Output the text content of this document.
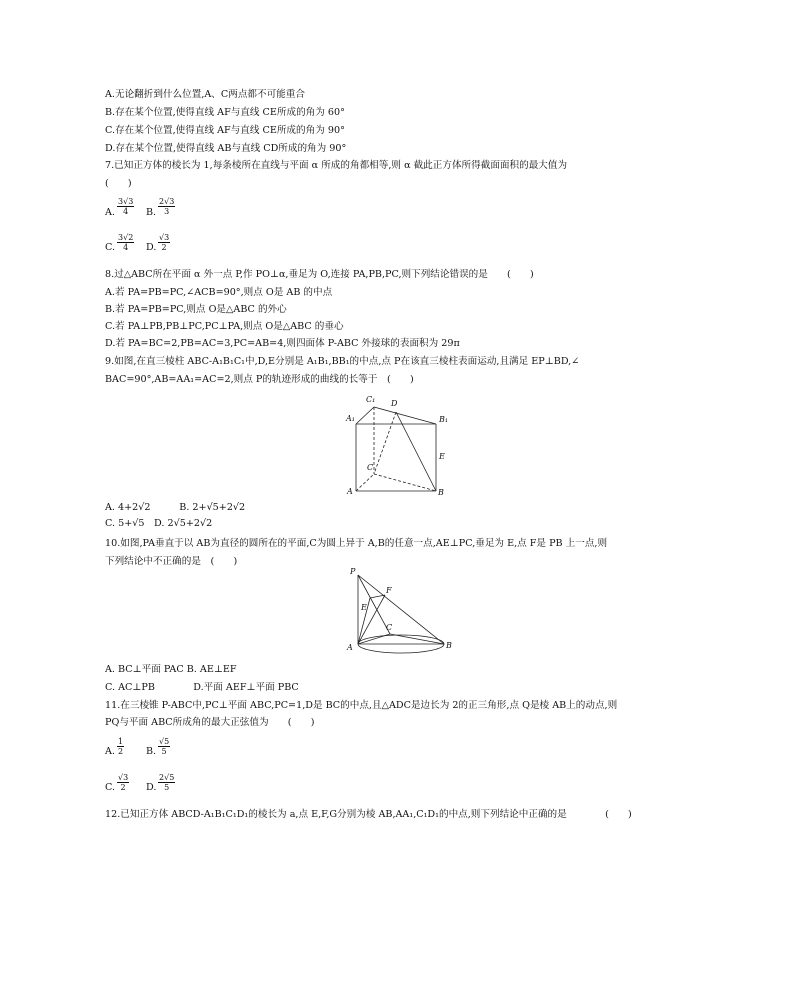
A.无论翻折到什么位置,A、C两点都不可能重合
B.存在某个位置,使得直线 AF与直线 CE所成的角为 60°
C.存在某个位置,使得直线 AF与直线 CE所成的角为 90°
D.存在某个位置,使得直线 AB与直线 CD所成的角为 90°
7.已知正方体的棱长为 1,每条棱所在直线与平面 α 所成的角都相等,则 α 截此正方体所得截面面积的最大值为
(　　)
A. $\frac{3√3}{4} B$. $\frac{2√3}{3}$
C. $\frac{3√2}{4} D$. $\frac{√3}{2}$
8.过△ABC所在平面 α 外一点 P,作 PO⊥α,垂足为 O,连接 PA,PB,PC,则下列结论错误的是　　(　　)
A.若 PA=PB=PC,∠ACB=90°,则点 O是 AB 的中点
B.若 PA=PB=PC,则点 O是△ABC 的外心
C.若 PA⊥PB,PB⊥PC,PC⊥PA,则点 O是△ABC 的垂心
D.若 PA=BC=2,PB=AC=3,PC=AB=4,则四面体 P-ABC 外接球的表面积为 29π
9.如图,在直三棱柱 ABC-A₁B₁C₁中,D,E分别是 A₁B₁,BB₁的中点,点 P在该直三棱柱表面运动,且满足 EP⊥BD,∠
BAC=90°,AB=AA₁=AC=2,则点 P的轨迹形成的曲线的长等于　(　　)
A₁
C₁ D
B₁
E
C
A	B
A. 4+2√2　　　B. 2+√5+2√2
C. 5+√5　D. 2√5+2√2
10.如图,PA垂直于以 AB为直径的圆所在的平面,C为圆上异于 A,B的任意一点,AE⊥PC,垂足为 E,点 F是 PB 上一点,则
下列结论中不正确的是　(　　)
P
F
E
C
A	B
A. BC⊥平面 PAC B. AE⊥EF
C. AC⊥PB　　　　D.平面 AEF⊥平面 PBC
11.在三棱锥 P-ABC中,PC⊥平面 ABC,PC=1,D是 BC的中点,且△ADC是边长为 2的正三角形,点 Q是棱 AB上的动点,则
PQ与平面 ABC所成角的最大正弦值为　　(　　)
A. $\frac{1}{2} B$. $\frac{√5}{5}$
C. $\frac{√3}{2} D$. $\frac{2√5}{5}$
12.已知正方体 ABCD-A₁B₁C₁D₁的棱长为 a,点 E,F,G分别为棱 AB,AA₁,C₁D₁的中点,则下列结论中正确的是　　　　(　　)
